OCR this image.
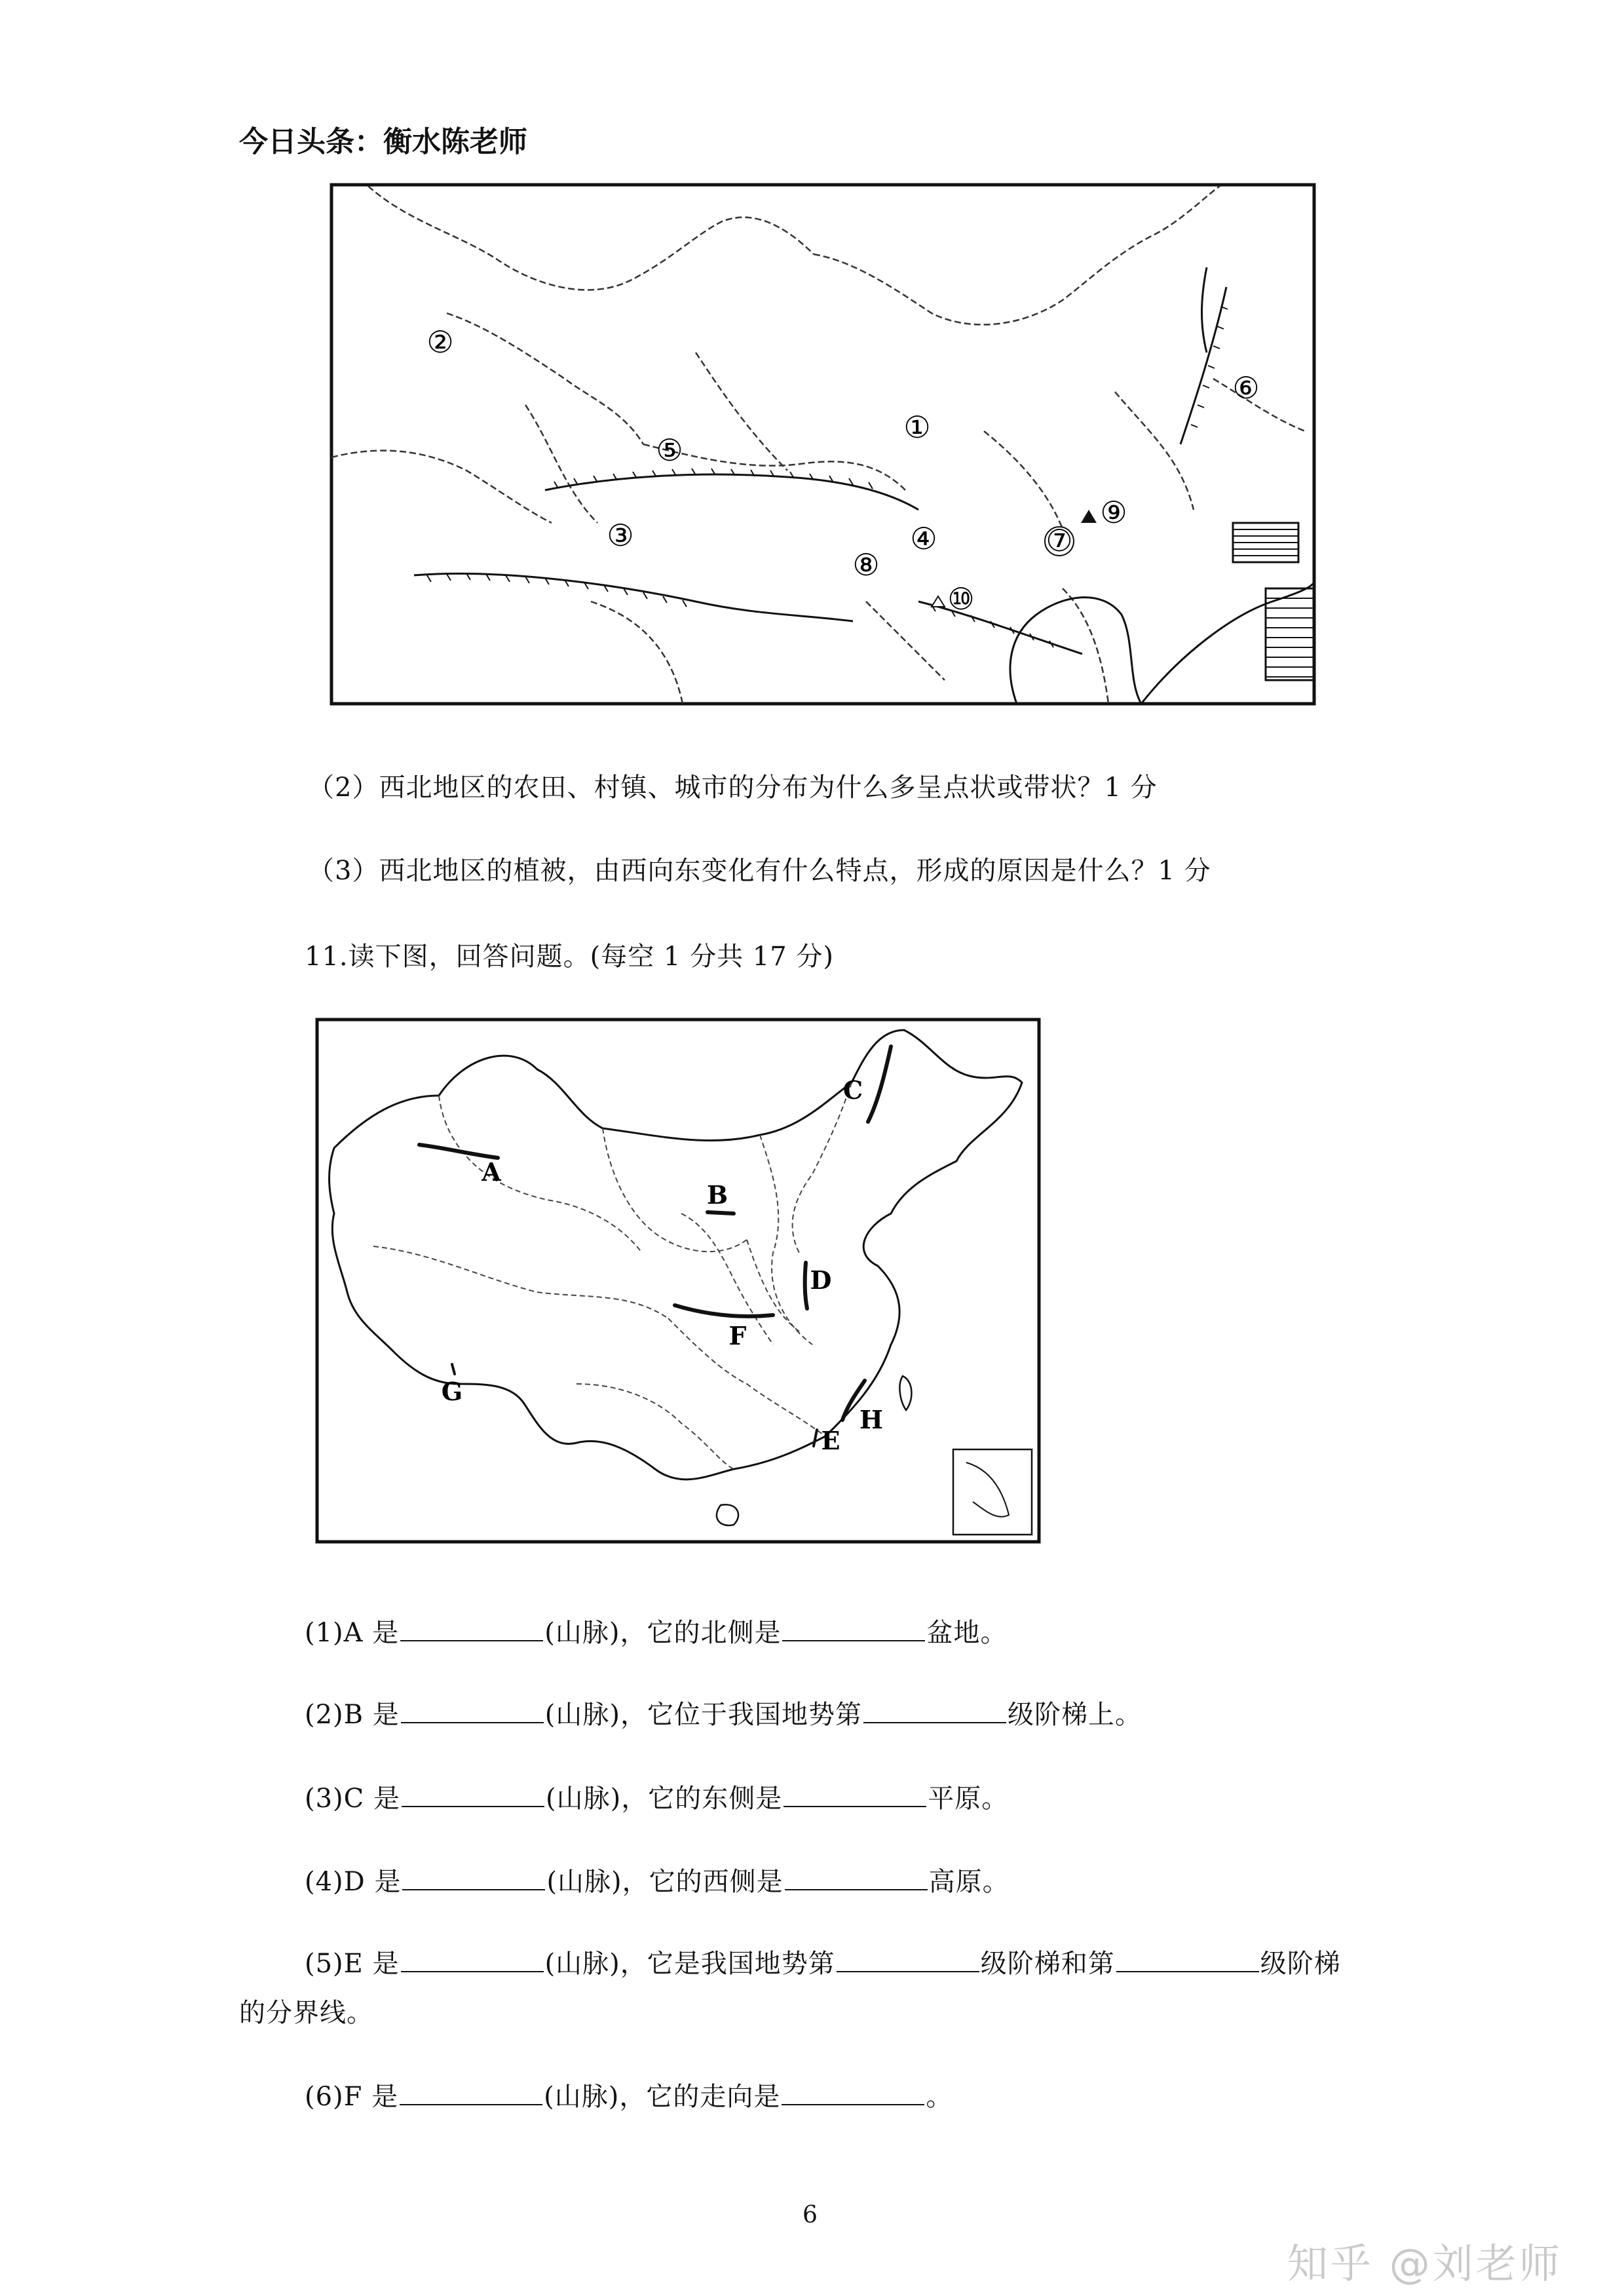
今日头条：衡水陈老师
①
②
③	④
⑤
⑥
⑦
⑧
⑨
⑩
（2）西北地区的农田、村镇、城市的分布为什么多呈点状或带状？1 分
（3）西北地区的植被，由西向东变化有什么特点，形成的原因是什么？1 分
11.读下图，回答问题。(每空 1 分共 17 分)
A
B
C
D
E
F
G
H
(1)A 是	(山脉)，它的北侧是	盆地。
(2)B 是	(山脉)，它位于我国地势第	级阶梯上。
(3)C 是	(山脉)，它的东侧是	平原。
(4)D 是	(山脉)，它的西侧是	高原。
(5)E 是	(山脉)，它是我国地势第	级阶梯和第	级阶梯
的分界线。
(6)F 是	(山脉)，它的走向是	。
6
知乎 @刘老师
